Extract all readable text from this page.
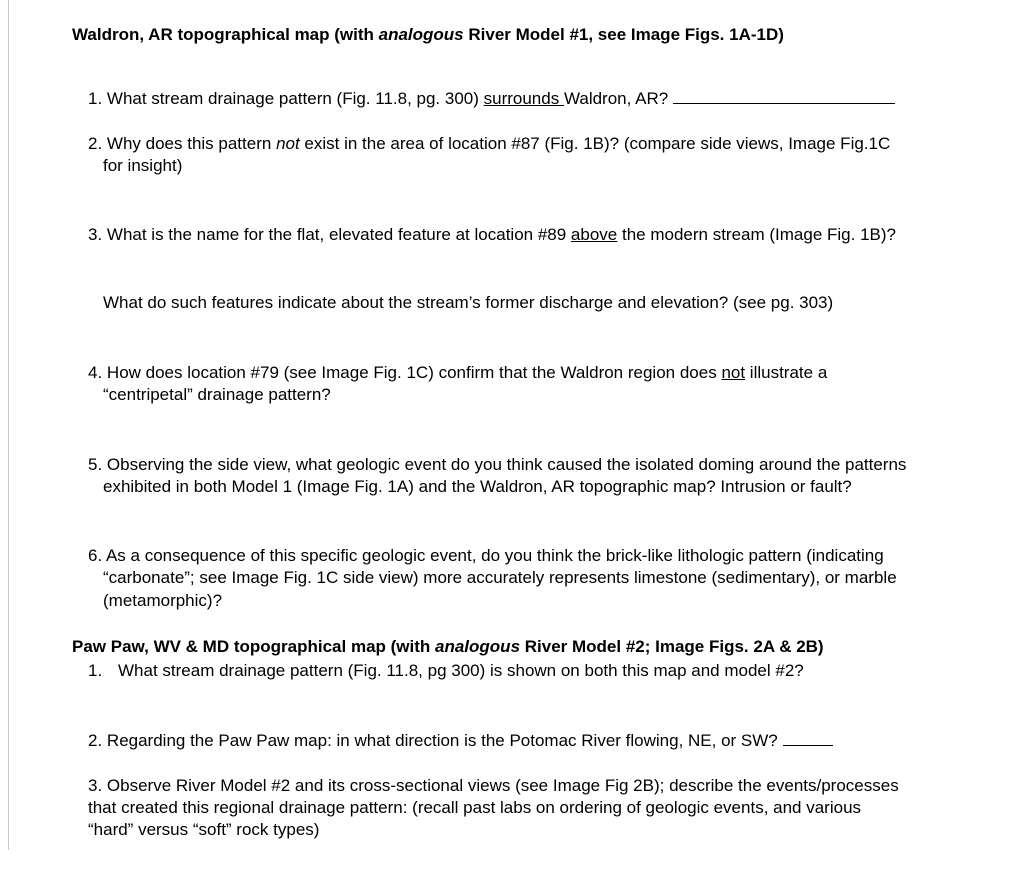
Waldron, AR topographical map (with analogous River Model #1, see Image Figs. 1A-1D)
1. What stream drainage pattern (Fig. 11.8, pg. 300) surrounds Waldron, AR?
2. Why does this pattern not exist in the area of location #87 (Fig. 1B)? (compare side views, Image Fig.1C
for insight)
3. What is the name for the flat, elevated feature at location #89 above the modern stream (Image Fig. 1B)?
What do such features indicate about the stream’s former discharge and elevation? (see pg. 303)
4. How does location #79 (see Image Fig. 1C) confirm that the Waldron region does not illustrate a
“centripetal” drainage pattern?
5. Observing the side view, what geologic event do you think caused the isolated doming around the patterns
exhibited in both Model 1 (Image Fig. 1A) and the Waldron, AR topographic map? Intrusion or fault?
6. As a consequence of this specific geologic event, do you think the brick-like lithologic pattern (indicating
“carbonate”; see Image Fig. 1C side view) more accurately represents limestone (sedimentary), or marble
(metamorphic)?
Paw Paw, WV & MD topographical map (with analogous River Model #2; Image Figs. 2A & 2B)
1. What stream drainage pattern (Fig. 11.8, pg 300) is shown on both this map and model #2?
2. Regarding the Paw Paw map: in what direction is the Potomac River flowing, NE, or SW?
3. Observe River Model #2 and its cross-sectional views (see Image Fig 2B); describe the events/processes
that created this regional drainage pattern: (recall past labs on ordering of geologic events, and various
“hard” versus “soft” rock types)
